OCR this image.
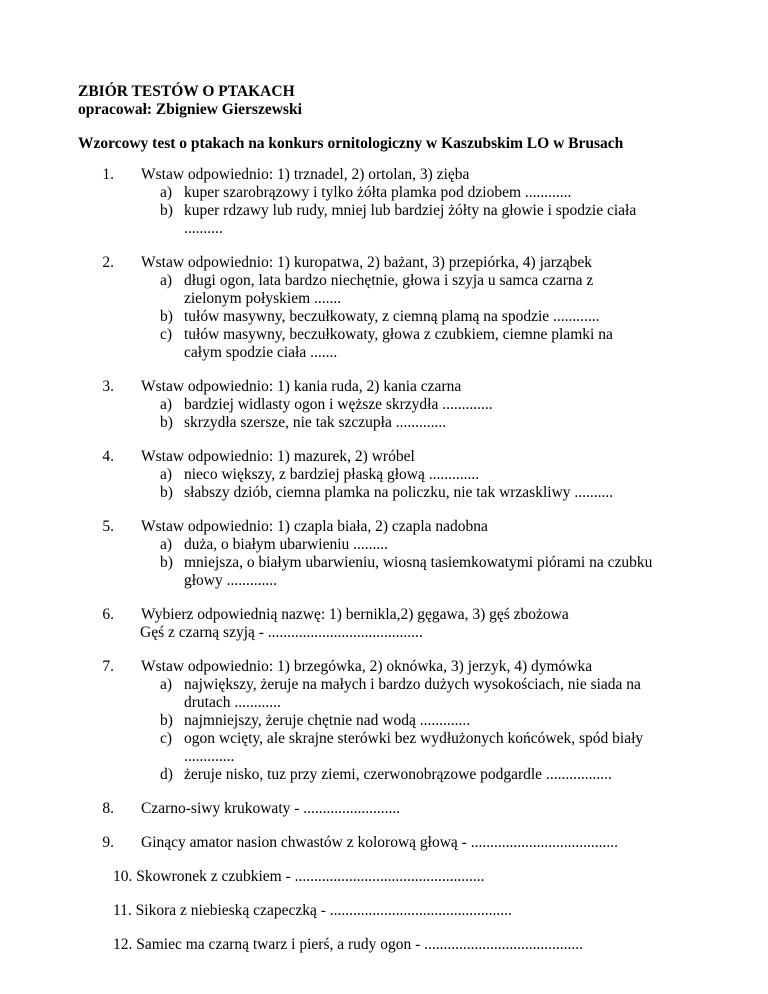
ZBIÓR TESTÓW O PTAKACH

opracował: Zbigniew Gierszewski

Wzorcowy test o ptakach na konkurs ornitologiczny w Kaszubskim LO w Brusach

1. Wstaw odpowiednio: 1) trznadel, 2) ortolan, 3) zięba
a) kuper szarobrązowy i tylko żółta plamka pod dziobem ............
b) kuper rdzawy lub rudy, mniej lub bardziej żółty na głowie i spodzie ciała ..........
2. Wstaw odpowiednio: 1) kuropatwa, 2) bażant, 3) przepiórka, 4) jarząbek
a) długi ogon, lata bardzo niechętnie, głowa i szyja u samca czarna z zielonym połyskiem .......
b) tułów masywny, beczułkowaty, z ciemną plamą na spodzie ............
c) tułów masywny, beczułkowaty, głowa z czubkiem, ciemne plamki na całym spodzie ciała .......
3. Wstaw odpowiednio: 1) kania ruda, 2) kania czarna
a) bardziej widlasty ogon i węższe skrzydła .............
b) skrzydła szersze, nie tak szczupła .............
4. Wstaw odpowiednio: 1) mazurek, 2) wróbel
a) nieco większy, z bardziej płaską głową .............
b) słabszy dziób, ciemna plamka na policzku, nie tak wrzaskliwy ..........
5. Wstaw odpowiednio: 1) czapla biała, 2) czapla nadobna
a) duża, o białym ubarwieniu .........
b) mniejsza, o białym ubarwieniu, wiosną tasiemkowatymi piórami na czubku głowy .............
6. Wybierz odpowiednią nazwę: 1) bernikla,2) gęgawa, 3) gęś zbożowa
Gęś z czarną szyją - ........................................
7. Wstaw odpowiednio: 1) brzegówka, 2) oknówka, 3) jerzyk, 4) dymówka
a) największy, żeruje na małych i bardzo dużych wysokościach, nie siada na drutach ............
b) najmniejszy, żeruje chętnie nad wodą .............
c) ogon wcięty, ale skrajne sterówki bez wydłużonych końcówek, spód biały .............
d) żeruje nisko, tuz przy ziemi, czerwonobrązowe podgardle .................
8. Czarno-siwy krukowaty - .........................
9. Ginący amator nasion chwastów z kolorową głową - ......................................
10. Skowronek z czubkiem - .................................................
11. Sikora z niebieską czapeczką - ...............................................
12. Samiec ma czarną twarz i pierś, a rudy ogon - .........................................
